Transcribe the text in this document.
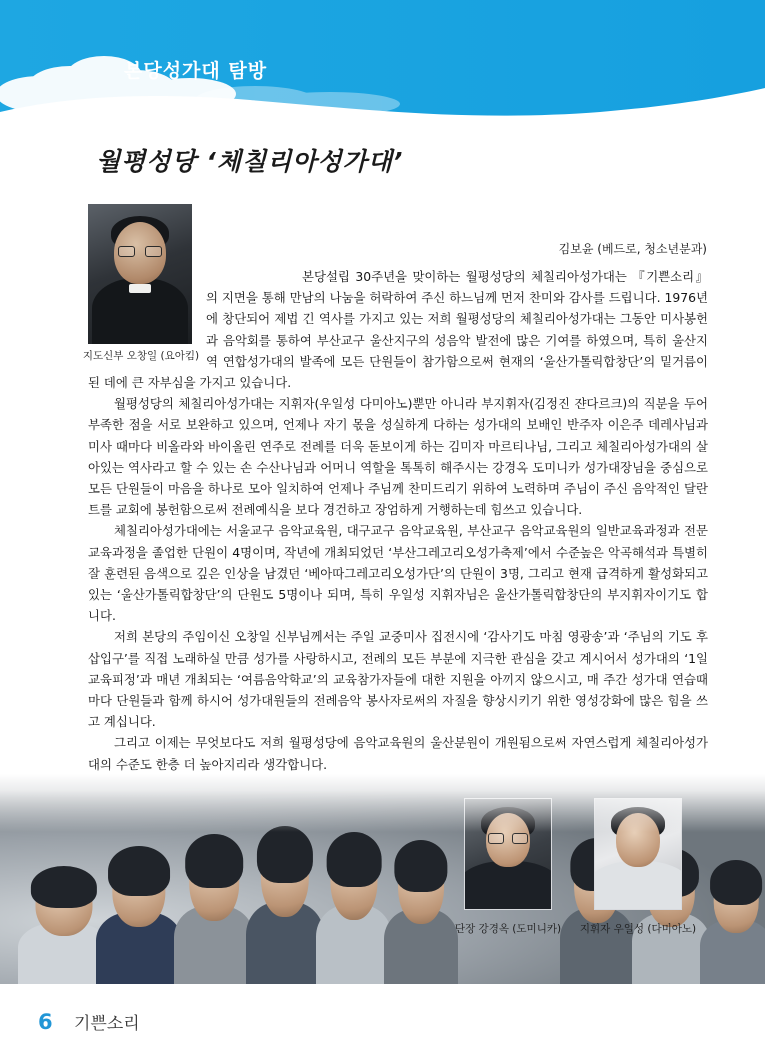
본당성가대 탐방
월평성당 ‘체칠리아성가대’
지도신부 오창일 (요아킴)
김보윤 (베드로, 청소년분과)

본당설립 30주년을 맞이하는 월평성당의 체칠리아성가대는 『기쁜소리』의 지면을 통해 만남의 나눔을 허락하여 주신 하느님께 먼저 찬미와 감사를 드립니다. 1976년에 창단되어 제법 긴 역사를 가지고 있는 저희 월평성당의 체칠리아성가대는 그동안 미사봉헌과 음악회를 통하여 부산교구 울산지구의 성음악 발전에 많은 기여를 하였으며, 특히 울산지역 연합성가대의 발족에 모든 단원들이 참가함으로써 현재의 ‘울산가톨릭합창단’의 밑거름이 된 데에 큰 자부심을 가지고 있습니다.

월평성당의 체칠리아성가대는 지휘자(우일성 다미아노)뿐만 아니라 부지휘자(김정진 쟌다르크)의 직분을 두어 부족한 점을 서로 보완하고 있으며, 언제나 자기 몫을 성실하게 다하는 성가대의 보배인 반주자 이은주 데레사님과 미사 때마다 비올라와 바이올린 연주로 전례를 더욱 돋보이게 하는 김미자 마르티나님, 그리고 체칠리아성가대의 살아있는 역사라고 할 수 있는 손 수산나님과 어머니 역할을 톡톡히 해주시는 강경옥 도미니카 성가대장님을 중심으로 모든 단원들이 마음을 하나로 모아 일치하여 언제나 주님께 찬미드리기 위하여 노력하며 주님이 주신 음악적인 달란트를 교회에 봉헌함으로써 전례예식을 보다 경건하고 장엄하게 거행하는데 힘쓰고 있습니다.

체칠리아성가대에는 서울교구 음악교육원, 대구교구 음악교육원, 부산교구 음악교육원의 일반교육과정과 전문교육과정을 졸업한 단원이 4명이며, 작년에 개최되었던 ‘부산그레고리오성가축제’에서 수준높은 악곡해석과 특별히 잘 훈련된 음색으로 깊은 인상을 남겼던 ‘베아따그레고리오성가단’의 단원이 3명, 그리고 현재 급격하게 활성화되고 있는 ‘울산가톨릭합창단’의 단원도 5명이나 되며, 특히 우일성 지휘자님은 울산가톨릭합창단의 부지휘자이기도 합니다.

저희 본당의 주임이신 오창일 신부님께서는 주일 교중미사 집전시에 ‘감사기도 마침 영광송’과 ‘주님의 기도 후 삽입구’를 직접 노래하실 만큼 성가를 사랑하시고, 전례의 모든 부분에 지극한 관심을 갖고 계시어서 성가대의 ‘1일 교육피정’과 매년 개최되는 ‘여름음악학교’의 교육참가자들에 대한 지원을 아끼지 않으시고, 매 주간 성가대 연습때마다 단원들과 함께 하시어 성가대원들의 전례음악 봉사자로써의 자질을 향상시키기 위한 영성강화에 많은 힘을 쓰고 계십니다.

그리고 이제는 무엇보다도 저희 월평성당에 음악교육원의 울산분원이 개원됨으로써 자연스럽게 체칠리아성가대의 수준도 한층 더 높아지리라 생각합니다.

단장 강경옥 (도미니카)	지휘자 우일성 (다미아노)
6 기쁜소리
